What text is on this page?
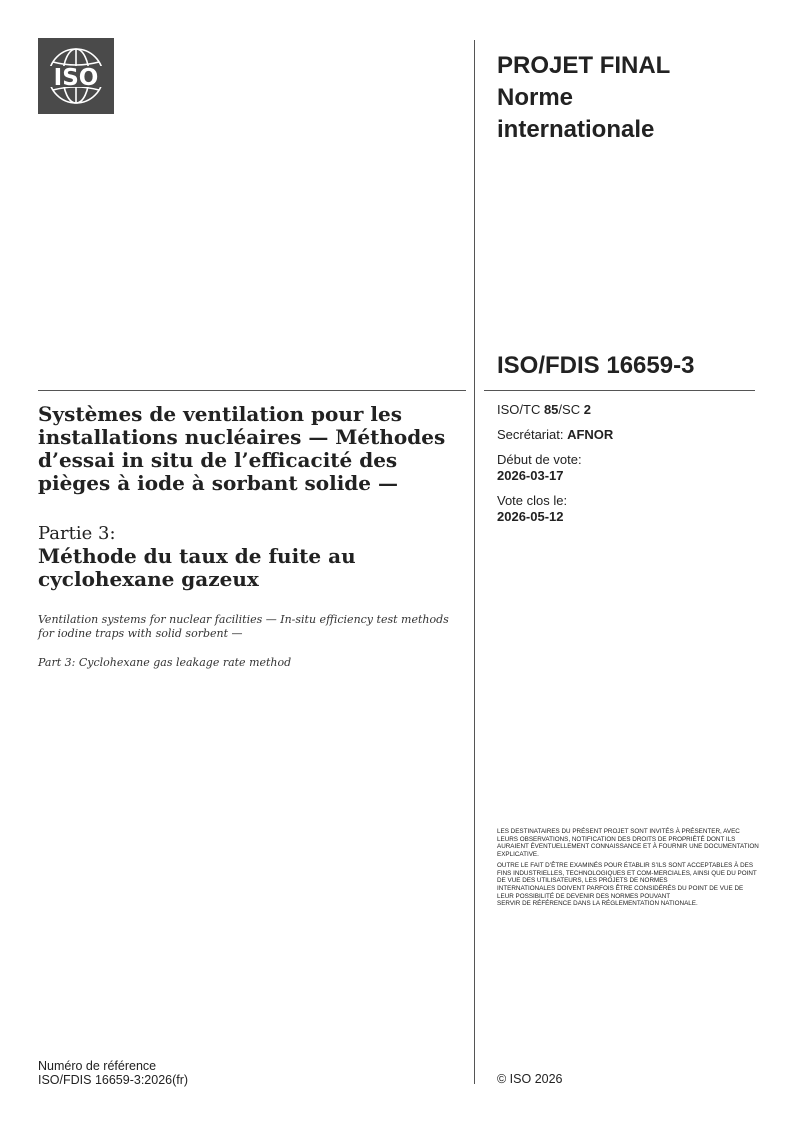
ISO	PROJET FINAL
Norme
internationale
ISO/FDIS 16659-3
ISO/TC 85/SC 2
Secrétariat: AFNOR
Début de vote:
2026-03-17
Vote clos le:
2026-05-12
Systèmes de ventilation pour les installations nucléaires — Méthodes d’essai in situ de l’efficacité des pièges à iode à sorbant solide —
Partie 3:
Méthode du taux de fuite au cyclohexane gazeux
Ventilation systems for nuclear facilities — In-situ efficiency test methods for iodine traps with solid sorbent —
Part 3: Cyclohexane gas leakage rate method

LES DESTINATAIRES DU PRÉSENT PROJET SONT INVITÉS À PRÉSENTER, AVEC LEURS OBSERVATIONS, NOTIFICATION DES DROITS DE PROPRIÉTÉ DONT ILS AURAIENT ÉVENTUELLEMENT CONNAISSANCE ET À FOURNIR UNE DOCUMENTATION EXPLICATIVE.

OUTRE LE FAIT D’ÊTRE EXAMINÉS POUR ÉTABLIR S’ILS SONT ACCEPTABLES À DES FINS INDUSTRIELLES, TECHNOLOGIQUES ET COM-MERCIALES, AINSI QUE DU POINT DE VUE DES UTILISATEURS, LES PROJETS DE NORMES

INTERNATIONALES DOIVENT PARFOIS ÊTRE CONSIDÉRÉS DU POINT DE VUE DE LEUR POSSIBILITÉ DE DEVENIR DES NORMES POUVANT

SERVIR DE RÉFÉRENCE DANS LA RÉGLEMENTATION NATIONALE.

Numéro de référence
ISO/FDIS 16659-3:2026(fr)	© ISO 2026
